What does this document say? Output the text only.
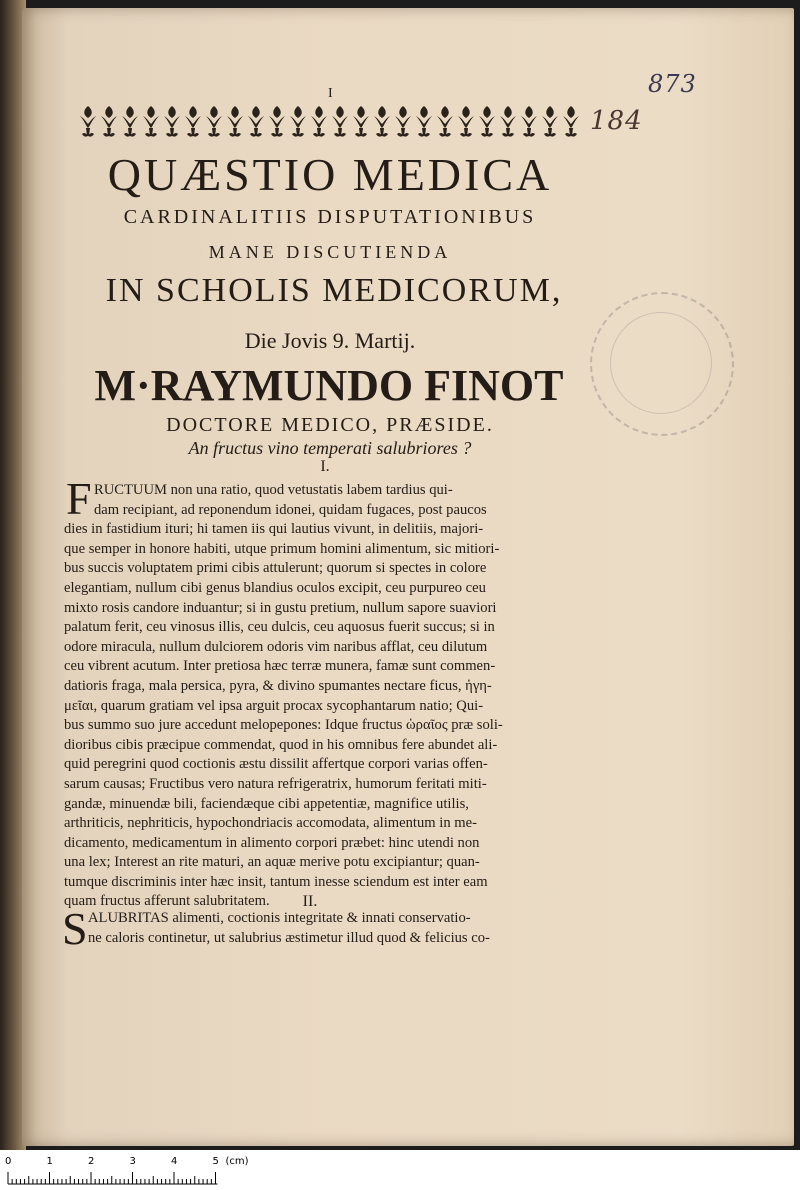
873
184
I
QUÆSTIO MEDICA
CARDINALITIIS DISPUTATIONIBUS
MANE DISCUTIENDA
IN SCHOLIS MEDICORUM,
Die Jovis 9. Martij.
M·RAYMUNDO FINOT
DOCTORE MEDICO, PRÆSIDE.
An fructus vino temperati salubriores ?
I.
F RUCTUUM non una ratio, quod vetustatis labem tardius qui-
dam recipiant, ad reponendum idonei, quidam fugaces, post paucos
dies in fastidium ituri; hi tamen iis qui lautius vivunt, in delitiis, majori-
que semper in honore habiti, utque primum homini alimentum, sic mitiori-
bus succis voluptatem primi cibis attulerunt; quorum si spectes in colore
elegantiam, nullum cibi genus blandius oculos excipit, ceu purpureo ceu
mixto rosis candore induantur; si in gustu pretium, nullum sapore suaviori
palatum ferit, ceu vinosus illis, ceu dulcis, ceu aquosus fuerit succus; si in
odore miracula, nullum dulciorem odoris vim naribus afflat, ceu dilutum
ceu vibrent acutum. Inter pretiosa hæc terræ munera, famæ sunt commen-
datioris fraga, mala persica, pyra, & divino spumantes nectare ficus, ἡγη-
μεῖαι, quarum gratiam vel ipsa arguit procax sycophantarum natio; Qui-
bus summo suo jure accedunt melopepones: Idque fructus ὡραῖος præ soli-
dioribus cibis præcipue commendat, quod in his omnibus fere abundet ali-
quid peregrini quod coctionis æstu dissilit affertque corpori varias offen-
sarum causas; Fructibus vero natura refrigeratrix, humorum feritati miti-
gandæ, minuendæ bili, faciendæque cibi appetentiæ, magnifice utilis,
arthriticis, nephriticis, hypochondriacis accomodata, alimentum in me-
dicamento, medicamentum in alimento corpori præbet: hinc utendi non
una lex; Interest an rite maturi, an aquæ merive potu excipiantur; quan-
tumque discriminis inter hæc insit, tantum inesse sciendum est inter eam
quam fructus afferunt salubritatem.	II.
S ALUBRITAS alimenti, coctionis integritate & innati conservatio-
ne caloris continetur, ut salubrius æstimetur illud quod & felicius co-
0	1	2	3	4	5 (cm)
